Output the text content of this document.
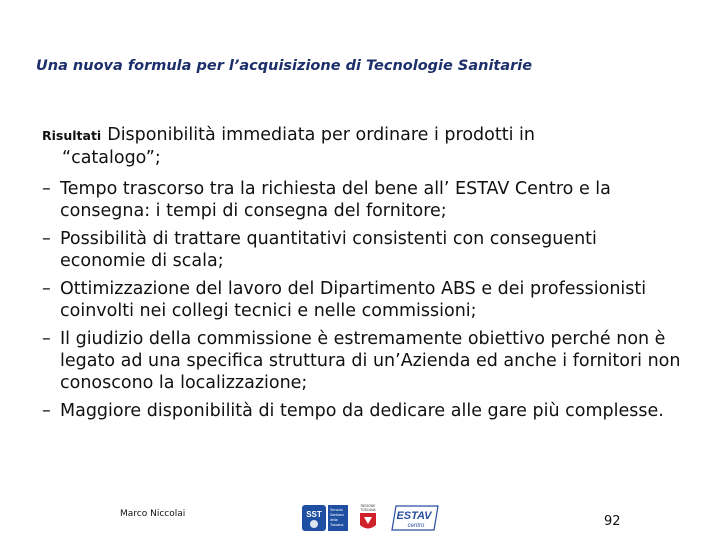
Una nuova formula per l’acquisizione di Tecnologie Sanitarie
Risultati Disponibilità immediata per ordinare i prodotti in
“catalogo”;
– Tempo trascorso tra la richiesta del bene all’ ESTAV Centro e la consegna: i tempi di consegna del fornitore;
– Possibilità di trattare quantitativi consistenti con conseguenti economie di scala;
– Ottimizzazione del lavoro del Dipartimento ABS e dei professionisti coinvolti nei collegi tecnici e nelle commissioni;
– Il giudizio della commissione è estremamente obiettivo perché non è legato ad una specifica struttura di un’Azienda ed anche i fornitori non conoscono la localizzazione;
– Maggiore disponibilità di tempo da dedicare alle gare più complesse.
Marco Niccolai	SST Servizio
Sanitario
della
Toscana
REGIONE
TOSCANA ESTAV
centro	92
